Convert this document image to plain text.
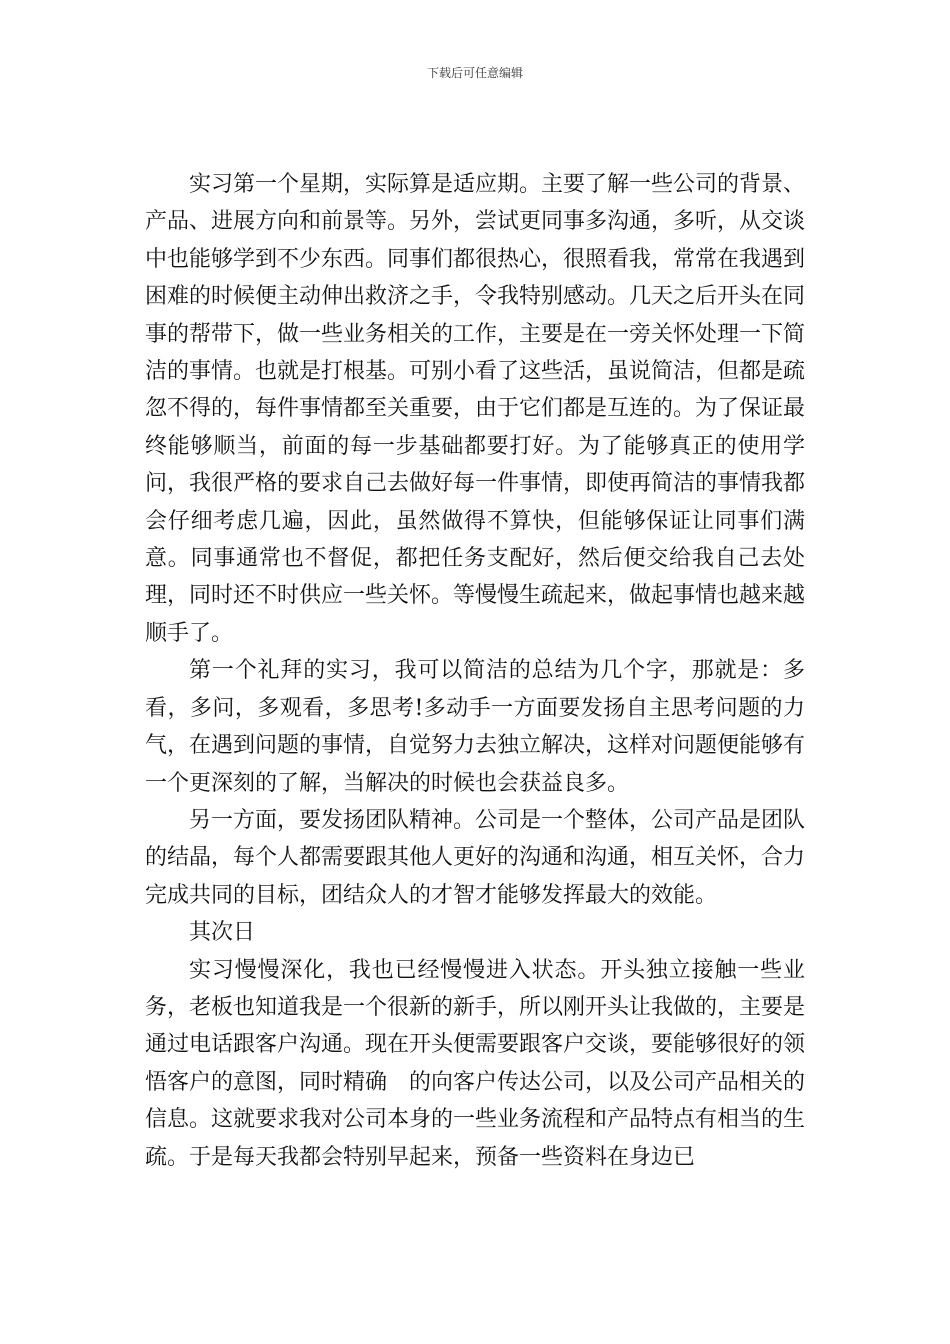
下载后可任意编辑

实习第一个星期，实际算是适应期。主要了解一些公司的背景、产品、进展方向和前景等。另外，尝试更同事多沟通，多听，从交谈中也能够学到不少东西。同事们都很热心，很照看我，常常在我遇到困难的时候便主动伸出救济之手，令我特别感动。几天之后开头在同事的帮带下，做一些业务相关的工作，主要是在一旁关怀处理一下简洁的事情。也就是打根基。可别小看了这些活，虽说简洁，但都是疏忽不得的，每件事情都至关重要，由于它们都是互连的。为了保证最终能够顺当，前面的每一步基础都要打好。为了能够真正的使用学问，我很严格的要求自己去做好每一件事情，即使再简洁的事情我都会仔细考虑几遍，因此，虽然做得不算快，但能够保证让同事们满意。同事通常也不督促，都把任务支配好，然后便交给我自己去处理，同时还不时供应一些关怀。等慢慢生疏起来，做起事情也越来越顺手了。

第一个礼拜的实习，我可以简洁的总结为几个字，那就是：多看，多问，多观看，多思考!多动手一方面要发扬自主思考问题的力气，在遇到问题的事情，自觉努力去独立解决，这样对问题便能够有一个更深刻的了解，当解决的时候也会获益良多。

另一方面，要发扬团队精神。公司是一个整体，公司产品是团队的结晶，每个人都需要跟其他人更好的沟通和沟通，相互关怀，合力完成共同的目标，团结众人的才智才能够发挥最大的效能。

其次日

实习慢慢深化，我也已经慢慢进入状态。开头独立接触一些业务，老板也知道我是一个很新的新手，所以刚开头让我做的，主要是通过电话跟客户沟通。现在开头便需要跟客户交谈，要能够很好的领悟客户的意图，同时精确　的向客户传达公司，以及公司产品相关的信息。这就要求我对公司本身的一些业务流程和产品特点有相当的生疏。于是每天我都会特别早起来，预备一些资料在身边已
